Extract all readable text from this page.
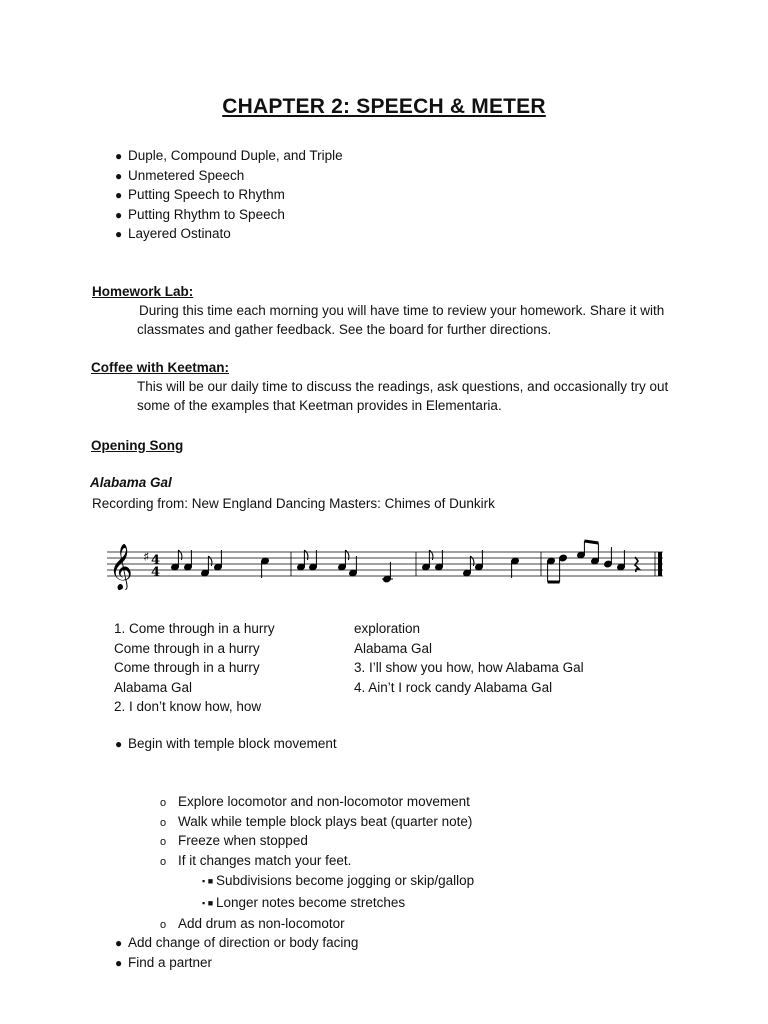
CHAPTER 2: SPEECH & METER
● Duple, Compound Duple, and Triple
● Unmetered Speech
● Putting Speech to Rhythm
● Putting Rhythm to Speech
● Layered Ostinato
Homework Lab:
During this time each morning you will have time to review your homework. Share it with classmates and gather feedback. See the board for further directions.
Coffee with Keetman:
This will be our daily time to discuss the readings, ask questions, and occasionally try out some of the examples that Keetman provides in Elementaria.
Opening Song
Alabama Gal
Recording from: New England Dancing Masters: Chimes of Dunkirk
𝄞 ♯ 4
4
1. Come through in a hurry
Come through in a hurry
Come through in a hurry
Alabama Gal
2. I don’t know how, how
exploration
Alabama Gal
3. I’ll show you how, how Alabama Gal
4. Ain’t I rock candy Alabama Gal
● Begin with temple block movement
o Explore locomotor and non-locomotor movement
o Walk while temple block plays beat (quarter note)
o Freeze when stopped
o If it changes match your feet.
▪ ■ Subdivisions become jogging or skip/gallop
▪ ■ Longer notes become stretches
o Add drum as non-locomotor
● Add change of direction or body facing
● Find a partner
